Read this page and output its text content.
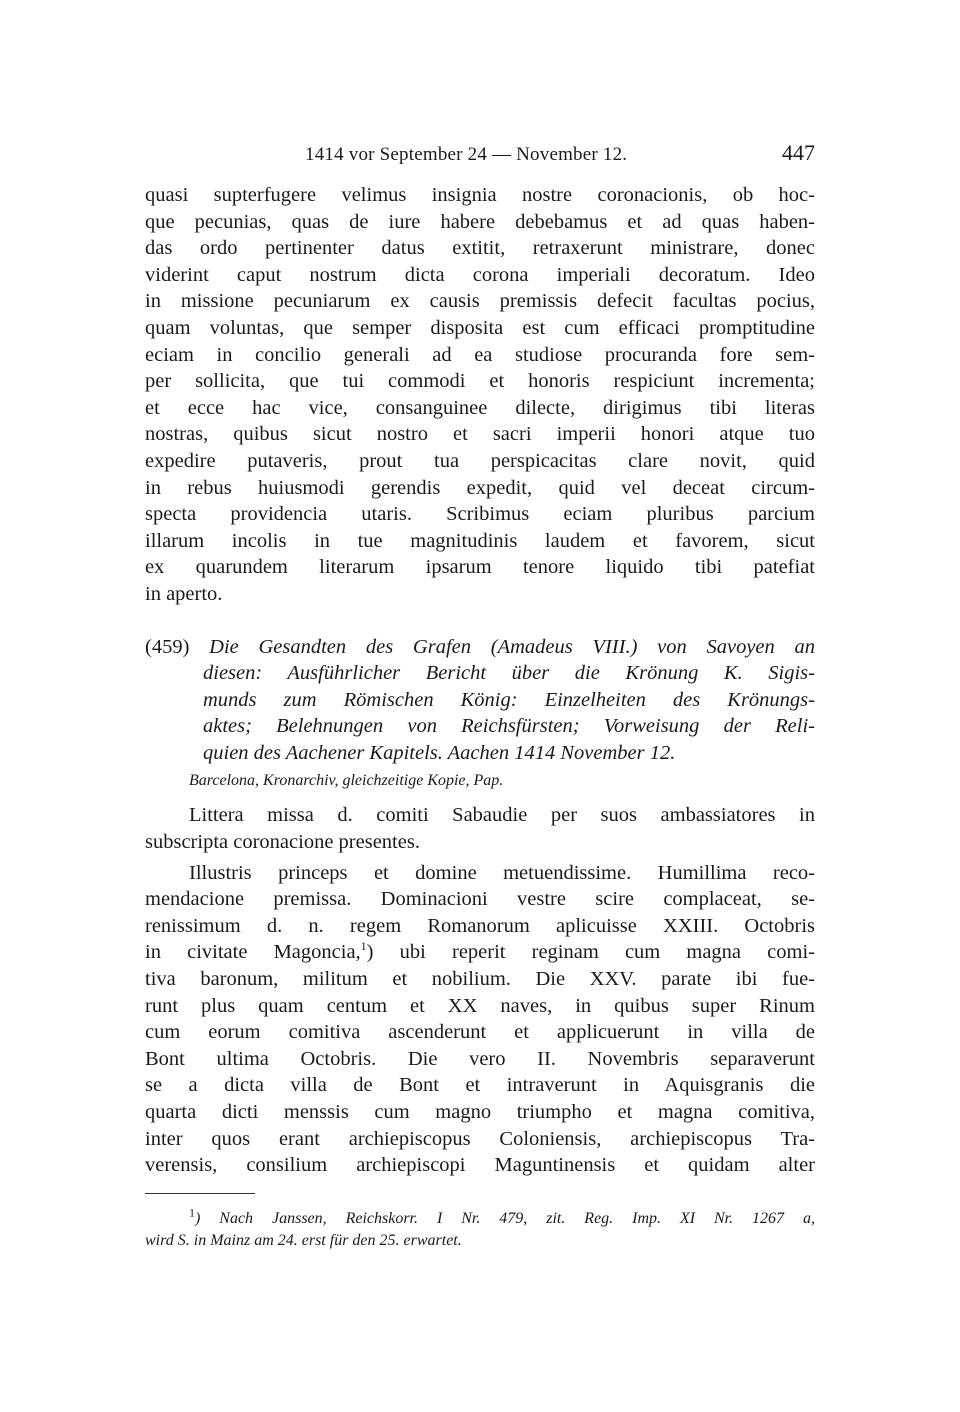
1414 vor September 24 — November 12.	447
quasi supterfugere velimus insignia nostre coronacionis, ob hoc-
que pecunias, quas de iure habere debebamus et ad quas haben-
das ordo pertinenter datus extitit, retraxerunt ministrare, donec
viderint caput nostrum dicta corona imperiali decoratum. Ideo
in missione pecuniarum ex causis premissis defecit facultas pocius,
quam voluntas, que semper disposita est cum efficaci promptitudine
eciam in concilio generali ad ea studiose procuranda fore sem-
per sollicita, que tui commodi et honoris respiciunt incrementa;
et ecce hac vice, consanguinee dilecte, dirigimus tibi literas
nostras, quibus sicut nostro et sacri imperii honori atque tuo
expedire putaveris, prout tua perspicacitas clare novit, quid
in rebus huiusmodi gerendis expedit, quid vel deceat circum-
specta providencia utaris. Scribimus eciam pluribus parcium
illarum incolis in tue magnitudinis laudem et favorem, sicut
ex quarundem literarum ipsarum tenore liquido tibi patefiat
in aperto.
(459) Die Gesandten des Grafen (Amadeus VIII.) von Savoyen an
diesen: Ausführlicher Bericht über die Krönung K. Sigis-
munds zum Römischen König: Einzelheiten des Krönungs-
aktes; Belehnungen von Reichsfürsten; Vorweisung der Reli-
quien des Aachener Kapitels. Aachen 1414 November 12.
Barcelona, Kronarchiv, gleichzeitige Kopie, Pap.
Littera missa d. comiti Sabaudie per suos ambassiatores in
subscripta coronacione presentes.
Illustris princeps et domine metuendissime. Humillima reco-
mendacione premissa. Dominacioni vestre scire complaceat, se-
renissimum d. n. regem Romanorum aplicuisse XXIII. Octobris
in civitate Magoncia,$^1$) ubi reperit reginam cum magna comi-
tiva baronum, militum et nobilium. Die XXV. parate ibi fue-
runt plus quam centum et XX naves, in quibus super Rinum
cum eorum comitiva ascenderunt et applicuerunt in villa de
Bont ultima Octobris. Die vero II. Novembris separaverunt
se a dicta villa de Bont et intraverunt in Aquisgranis die
quarta dicti menssis cum magno triumpho et magna comitiva,
inter quos erant archiepiscopus Coloniensis, archiepiscopus Tra-
verensis, consilium archiepiscopi Maguntinensis et quidam alter
$^1$) Nach Janssen, Reichskorr. I Nr. 479, zit. Reg. Imp. XI Nr. 1267 a,
wird S. in Mainz am 24. erst für den 25. erwartet.
